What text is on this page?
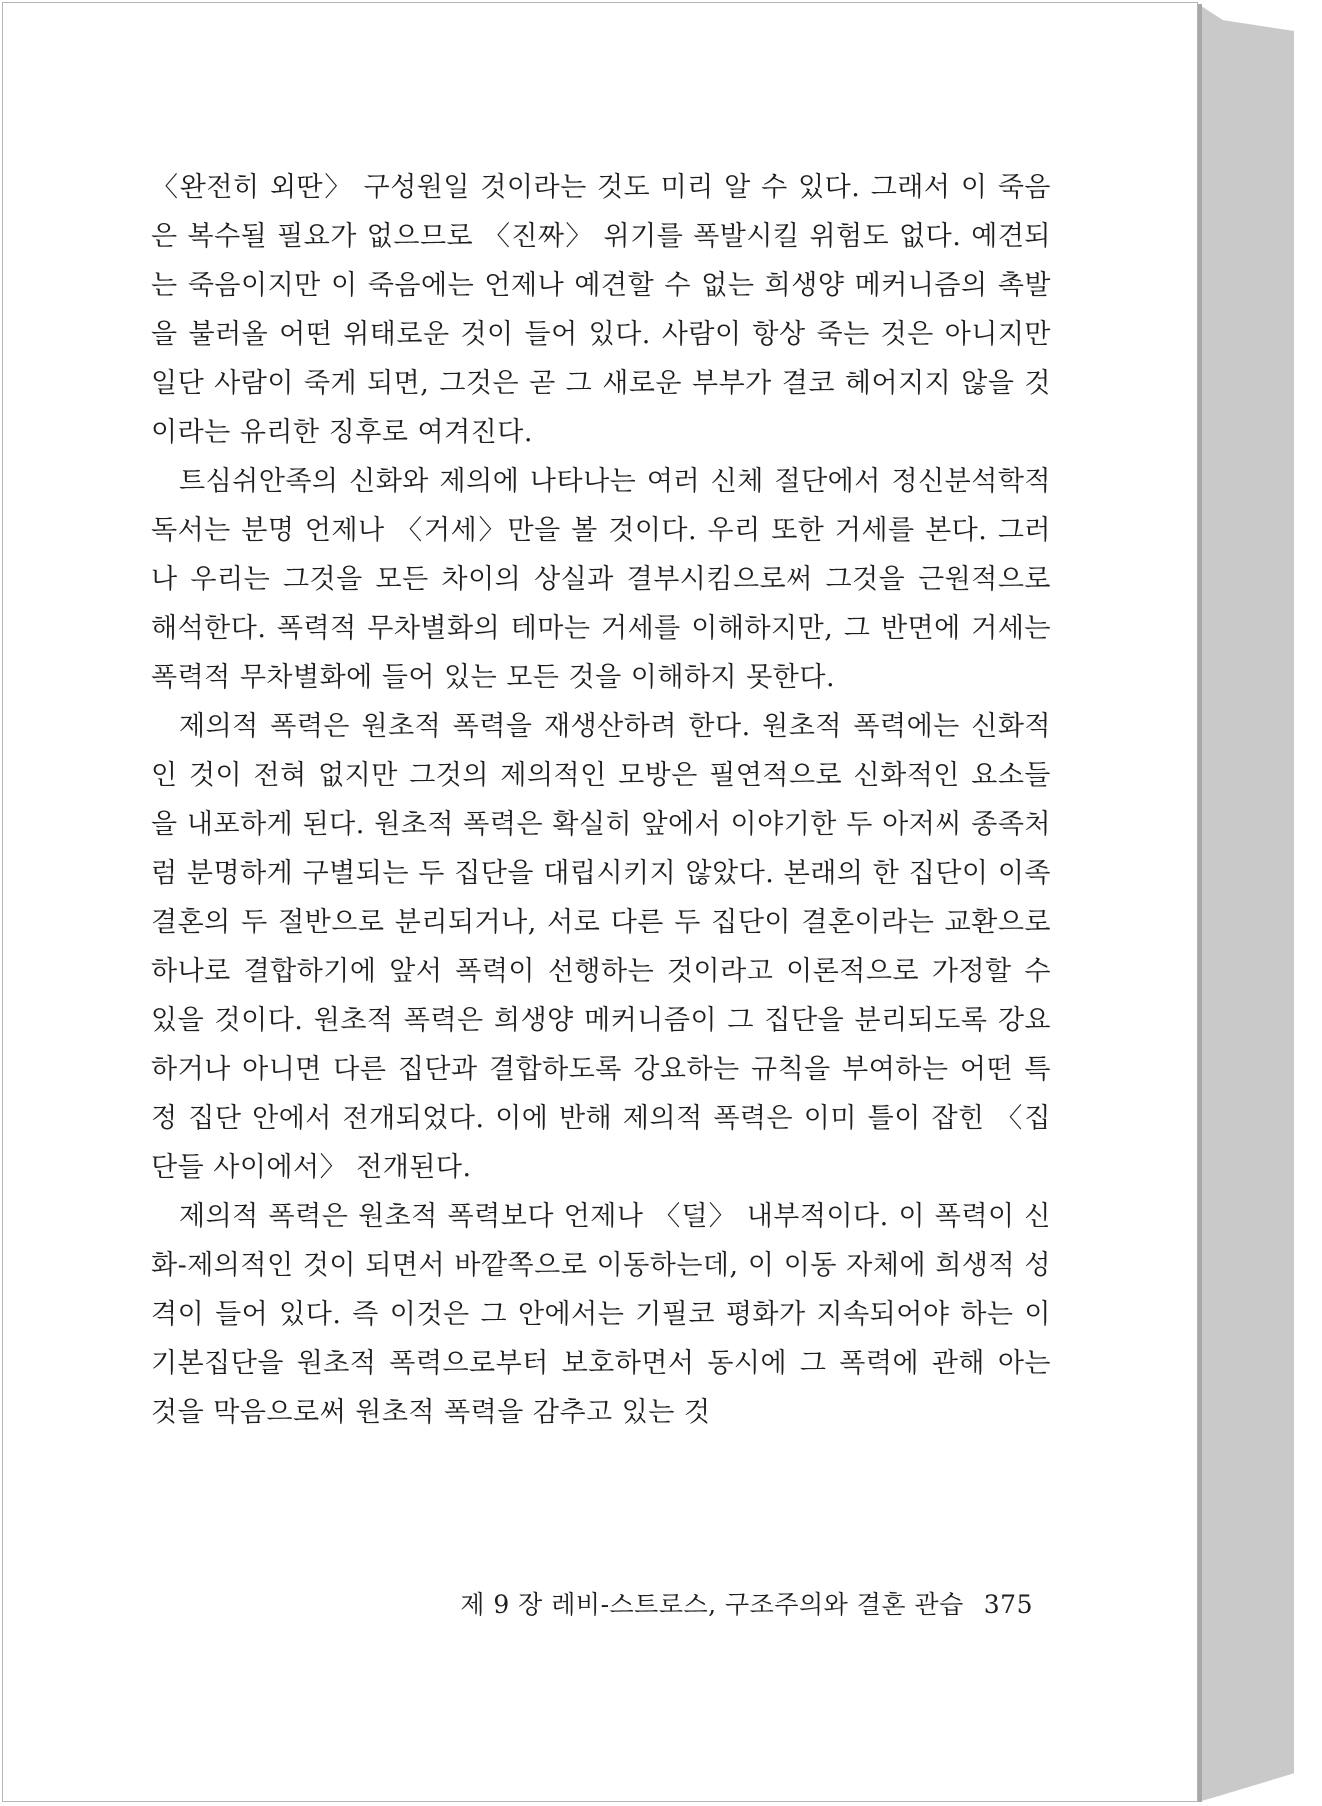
〈완전히 외딴〉 구성원일 것이라는 것도 미리 알 수 있다. 그래서 이 죽음은 복수될 필요가 없으므로 〈진짜〉 위기를 폭발시킬 위험도 없다. 예견되는 죽음이지만 이 죽음에는 언제나 예견할 수 없는 희생양 메커니즘의 촉발을 불러올 어떤 위태로운 것이 들어 있다. 사람이 항상 죽는 것은 아니지만 일단 사람이 죽게 되면, 그것은 곧 그 새로운 부부가 결코 헤어지지 않을 것이라는 유리한 징후로 여겨진다.

트심쉬안족의 신화와 제의에 나타나는 여러 신체 절단에서 정신분석학적 독서는 분명 언제나 〈거세〉만을 볼 것이다. 우리 또한 거세를 본다. 그러나 우리는 그것을 모든 차이의 상실과 결부시킴으로써 그것을 근원적으로 해석한다. 폭력적 무차별화의 테마는 거세를 이해하지만, 그 반면에 거세는 폭력적 무차별화에 들어 있는 모든 것을 이해하지 못한다.

제의적 폭력은 원초적 폭력을 재생산하려 한다. 원초적 폭력에는 신화적인 것이 전혀 없지만 그것의 제의적인 모방은 필연적으로 신화적인 요소들을 내포하게 된다. 원초적 폭력은 확실히 앞에서 이야기한 두 아저씨 종족처럼 분명하게 구별되는 두 집단을 대립시키지 않았다. 본래의 한 집단이 이족결혼의 두 절반으로 분리되거나, 서로 다른 두 집단이 결혼이라는 교환으로 하나로 결합하기에 앞서 폭력이 선행하는 것이라고 이론적으로 가정할 수 있을 것이다. 원초적 폭력은 희생양 메커니즘이 그 집단을 분리되도록 강요하거나 아니면 다른 집단과 결합하도록 강요하는 규칙을 부여하는 어떤 특정 집단 안에서 전개되었다. 이에 반해 제의적 폭력은 이미 틀이 잡힌 〈집단들 사이에서〉 전개된다.

제의적 폭력은 원초적 폭력보다 언제나 〈덜〉 내부적이다. 이 폭력이 신화-제의적인 것이 되면서 바깥쪽으로 이동하는데, 이 이동 자체에 희생적 성격이 들어 있다. 즉 이것은 그 안에서는 기필코 평화가 지속되어야 하는 이 기본집단을 원초적 폭력으로부터 보호하면서 동시에 그 폭력에 관해 아는 것을 막음으로써 원초적 폭력을 감추고 있는 것

제 9 장 레비-스트로스, 구조주의와 결혼 관습 375
